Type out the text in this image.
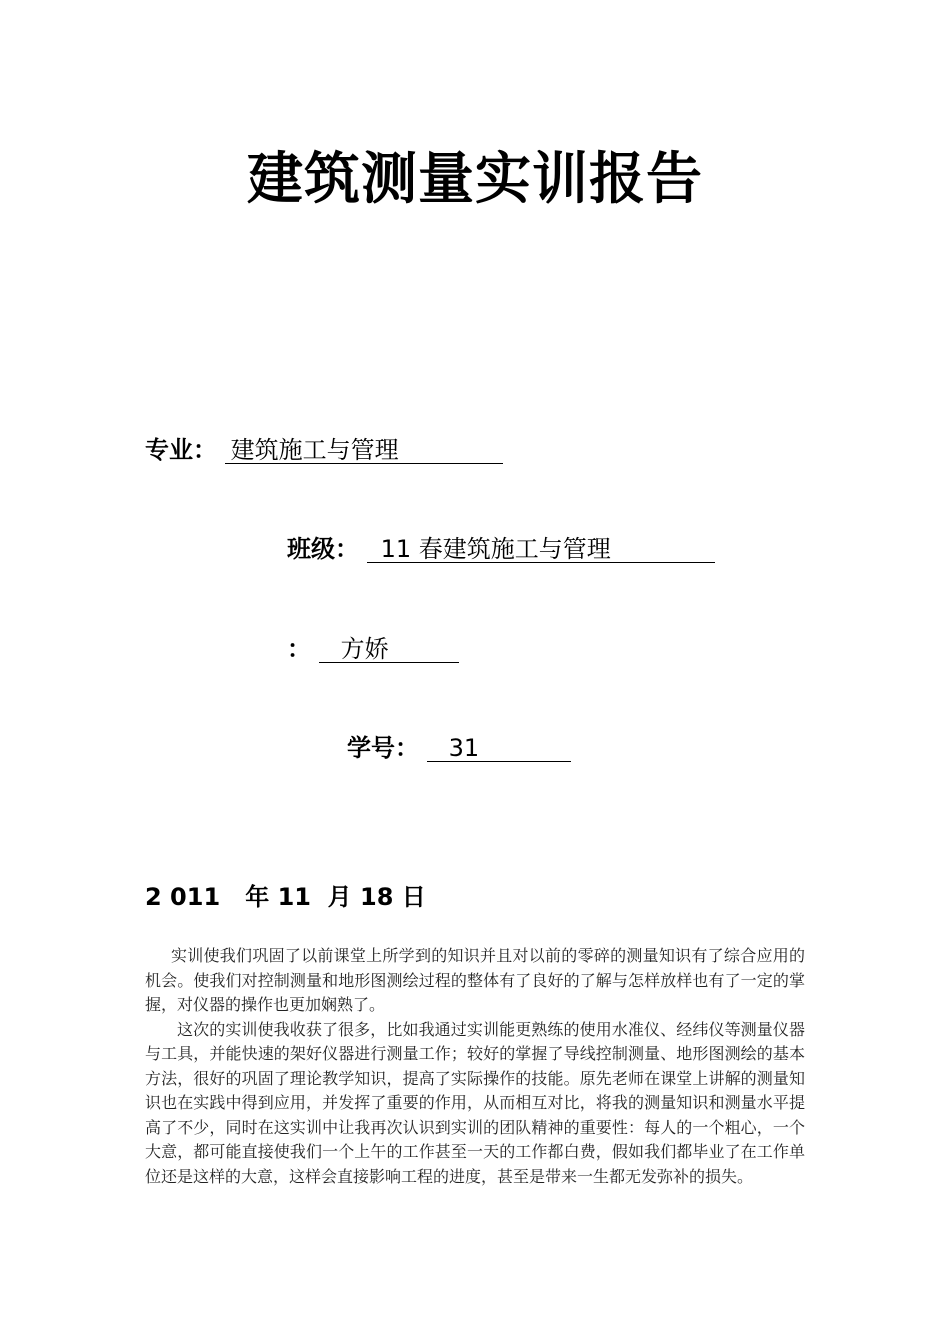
建筑测量实训报告
专业： 建筑施工与管理
班级： 11 春建筑施工与管理
： 方娇
学号： 31
2 011   年 11  月 18 日

实训使我们巩固了以前课堂上所学到的知识并且对以前的零碎的测量知识有了综合应用的机会。使我们对控制测量和地形图测绘过程的整体有了良好的了解与怎样放样也有了一定的掌握，对仪器的操作也更加娴熟了。

这次的实训使我收获了很多，比如我通过实训能更熟练的使用水准仪、经纬仪等测量仪器与工具，并能快速的架好仪器进行测量工作；较好的掌握了导线控制测量、地形图测绘的基本方法，很好的巩固了理论教学知识，提高了实际操作的技能。原先老师在课堂上讲解的测量知识也在实践中得到应用，并发挥了重要的作用，从而相互对比，将我的测量知识和测量水平提高了不少，同时在这实训中让我再次认识到实训的团队精神的重要性：每人的一个粗心，一个大意，都可能直接使我们一个上午的工作甚至一天的工作都白费，假如我们都毕业了在工作单位还是这样的大意，这样会直接影响工程的进度，甚至是带来一生都无发弥补的损失。
